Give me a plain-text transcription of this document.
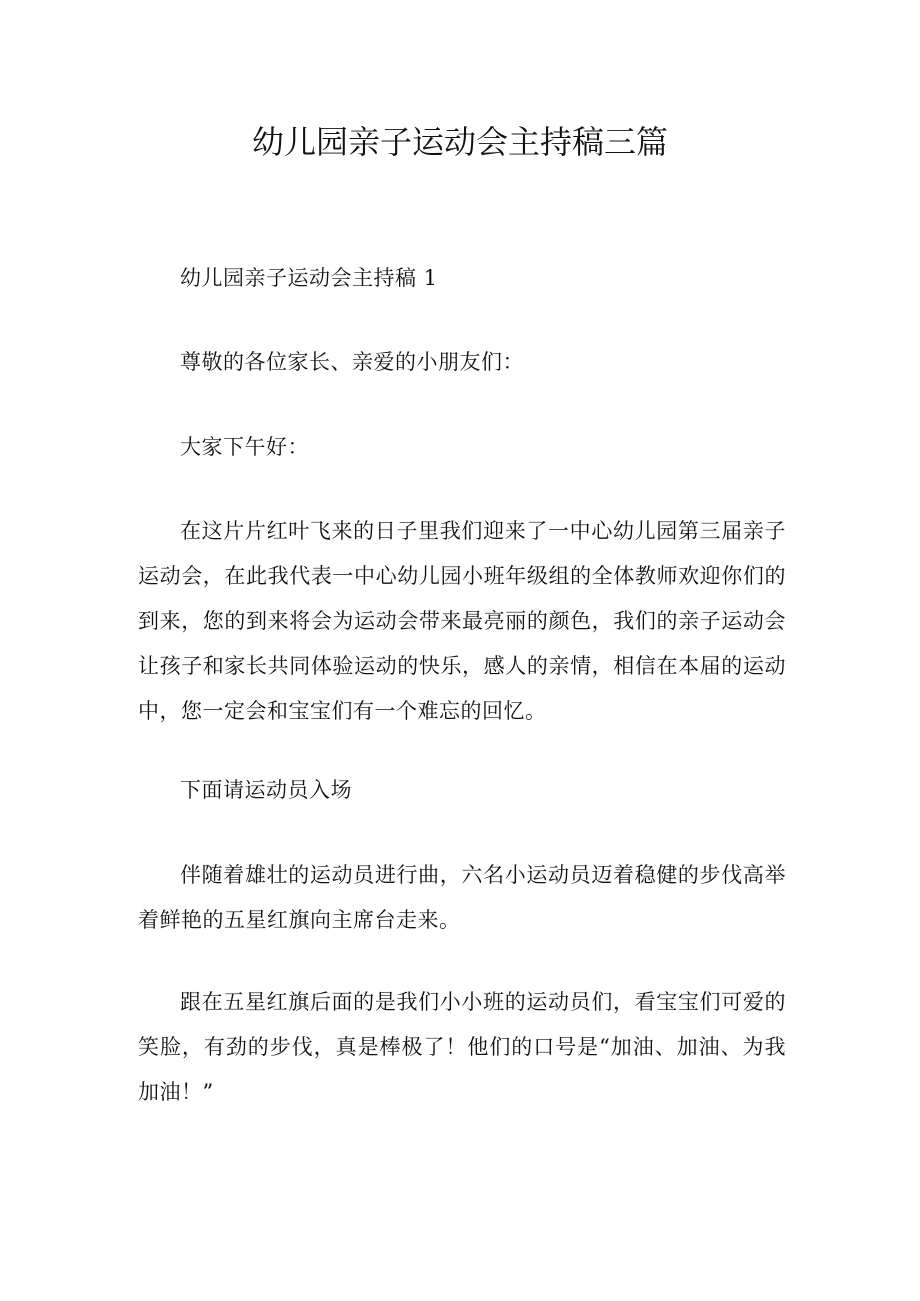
幼儿园亲子运动会主持稿三篇

幼儿园亲子运动会主持稿 1

尊敬的各位家长、亲爱的小朋友们：

大家下午好：

在这片片红叶飞来的日子里我们迎来了一中心幼儿园第三届亲子运动会，在此我代表一中心幼儿园小班年级组的全体教师欢迎你们的到来，您的到来将会为运动会带来最亮丽的颜色，我们的亲子运动会让孩子和家长共同体验运动的快乐，感人的亲情，相信在本届的运动中，您一定会和宝宝们有一个难忘的回忆。

下面请运动员入场

伴随着雄壮的运动员进行曲，六名小运动员迈着稳健的步伐高举着鲜艳的五星红旗向主席台走来。

跟在五星红旗后面的是我们小小班的运动员们，看宝宝们可爱的笑脸，有劲的步伐，真是棒极了！他们的口号是“加油、加油、为我加油！”
